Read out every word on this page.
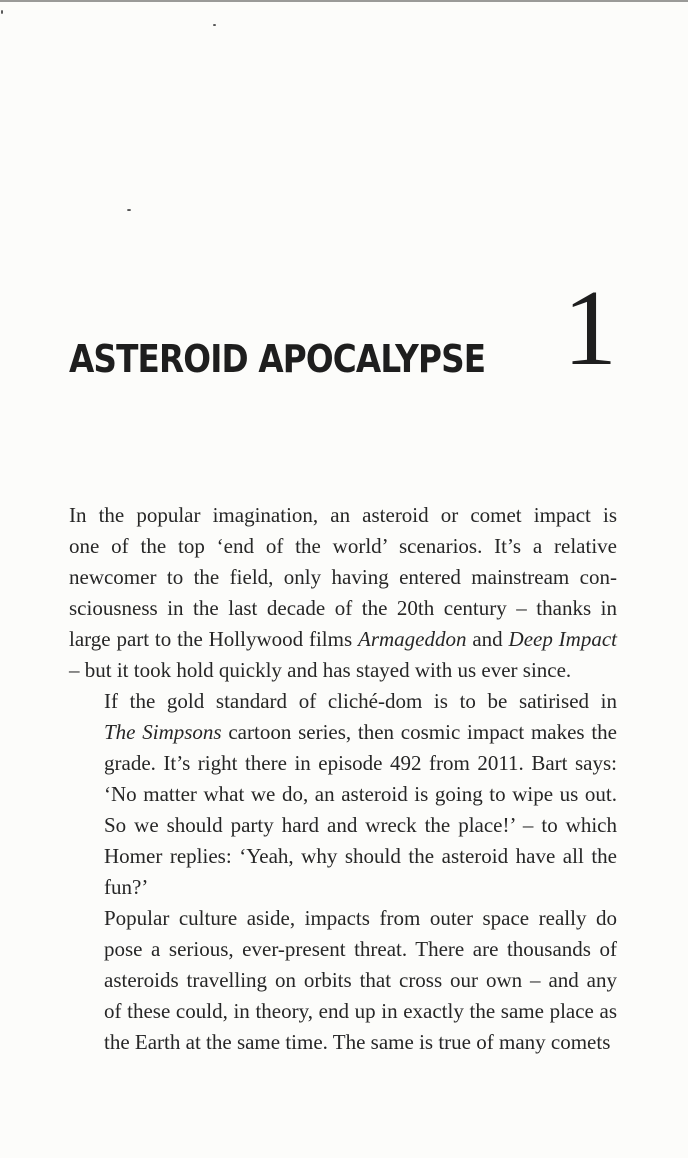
ASTEROID APOCALYPSE 1

In the popular imagination, an asteroid or comet impact is
one of the top ‘end of the world’ scenarios. It’s a relative
newcomer to the field, only having entered mainstream con-
sciousness in the last decade of the 20th century – thanks in
large part to the Hollywood films Armageddon and Deep Impact
– but it took hold quickly and has stayed with us ever since.

If the gold standard of cliché-dom is to be satirised in
The Simpsons cartoon series, then cosmic impact makes the
grade. It’s right there in episode 492 from 2011. Bart says:
‘No matter what we do, an asteroid is going to wipe us out.
So we should party hard and wreck the place!’ – to which
Homer replies: ‘Yeah, why should the asteroid have all the
fun?’

Popular culture aside, impacts from outer space really do
pose a serious, ever-present threat. There are thousands of
asteroids travelling on orbits that cross our own – and any
of these could, in theory, end up in exactly the same place as
the Earth at the same time. The same is true of many comets
